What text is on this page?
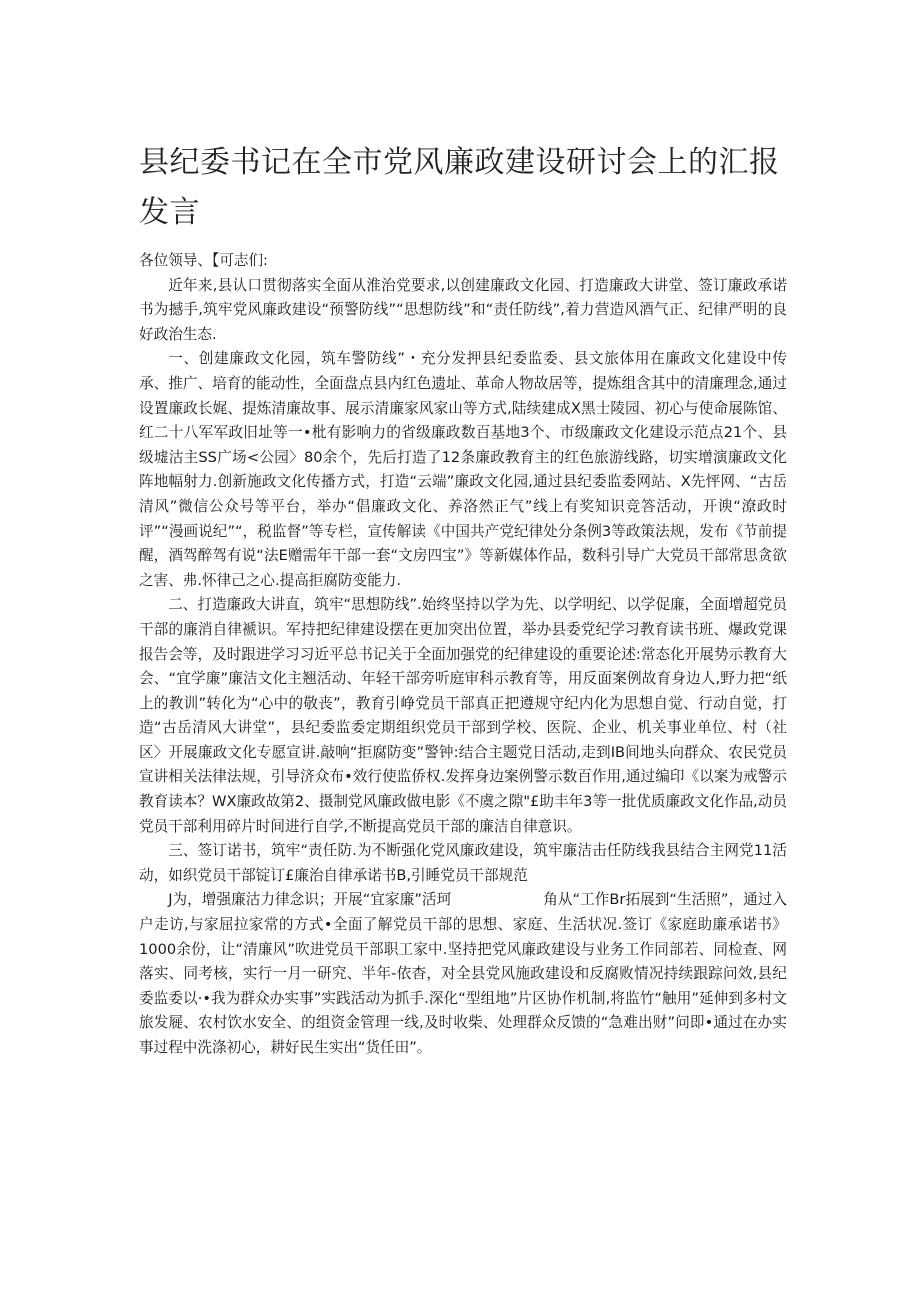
县纪委书记在全市党风廉政建设研讨会上的汇报发言

各位领导、【可志们:

近年来,县认口贯彻落实全面从淮治党要求,以创建廉政文化园、打造廉政大讲堂、签订廉政承诺书为撼手,筑牢党风廉政建设“预警防线”“思想防线”和“责任防线”,着力营造风酒气正、纪律严明的良好政治生态.

一、创建廉政文化园，筑车警防线”・充分发押县纪委监委、县文旅体用在廉政文化建设中传承、推广、培育的能动性，全面盘点县内红色遗址、革命人物故居等，提炼组含其中的清廉理念,通过设置廉政长娓、提炼清廉故事、展示清廉家风家山等方式,陆续建成X黑士陵园、初心与使命展陈馆、红二十八军军政旧址等一•枇有影响力的省级廉政数百基地3个、市级廉政文化建设示范点21个、县级墟沽主SS广场<公园〉80余个，先后打造了12条廉政教育主的红色旅游线路，切实增演廉政文化阵地幅射力.创新施政文化传播方式，打造“云端”廉政文化园,通过县纪委监委网站、X先怦网、“古岳清风”微信公众号等平台，举办“倡廉政文化、养洛然正气”线上有奖知识竞答活动，开谀“潦政时评”“漫画说纪”“，税监督”等专栏，宣传解读《中国共产党纪律处分条例3等政策法规，发布《节前提醒，酒驾醉驾有说“法E赠需年干部一套“文房四宝”》等新媒体作品，数科引导广大党员干部常思贪欲之害、弗.怀律己之心.提高拒腐防变能力.

二、打造廉政大讲直，筑牢“思想防线”.始终坚持以学为先、以学明纪、以学促廉，全面增超党员干部的廉消自律褫识。军持把纪律建设摆在更加突出位置，举办县委党纪学习教育读书班、爆政党课报告会等，及时跟进学习习近平总书记关于全面加强党的纪律建设的重要论述:常态化开展势示教育大会、“宜学廉”廉洁文化主翘活动、年轻干部旁听庭审科示教育等，用反面案例故育身边人,野力把“纸上的教训”转化为“心中的敬丧”，教育引峥党员干部真正把遵规守纪内化为思想自觉、行动自觉，打造“古岳清风大讲堂”，县纪委监委定期组织党员干部到学校、医院、企业、机关事业单位、村（社区〉开展廉政文化专愿宣讲.敲响“拒腐防变”警钟:结合主题党日活动,走到IB间地头向群众、农民党员宣讲相关法律法规，引导济众布•效行使监侨权.发挥身边案例警示数百作用,通过编印《以案为戒警示教育读本？WX廉政故第2、摄制党风廉政做电影《不虞之隙"£助丰年3等一批优质廉政文化作品,动员党员干部利用碎片时间进行自学,不断提高党员干部的廉洁自律意识。

三、签订诺书，筑牢“责任防.为不断强化党风廉政建设，筑牢廉洁击任防线我县结合主网党11活动，如织党员干部锭订£廉治自律承诺书B,引睡党员干部规范

J为，增强廉沽力律念识；开展“宜家廉”活珂	角从“工作Br拓展到“生活照”，通过入户走访,与家屈拉家常的方式•全面了解党员干部的思想、家庭、生活状况.签订《家庭助廉承诺书》1000余份，让“清廉风”吹进党员干部职工家中.坚持把党风廉政建设与业务工作同部若、同检查、网落实、同考核，实行一月一研究、半年-依杳，对全县党风施政建设和反腐败情况持续跟踪问效,县纪委监委以·•我为群众办实事”实践活动为抓手.深化“型组地”片区协作机制,将监竹“触用”延伸到多村文旅发屣、农村饮水安全、的组资金管理一线,及时收柴、处理群众反馈的“急难出财”问即•通过在办实事过程中洗涤初心，耕好民生实出“货任田”。
